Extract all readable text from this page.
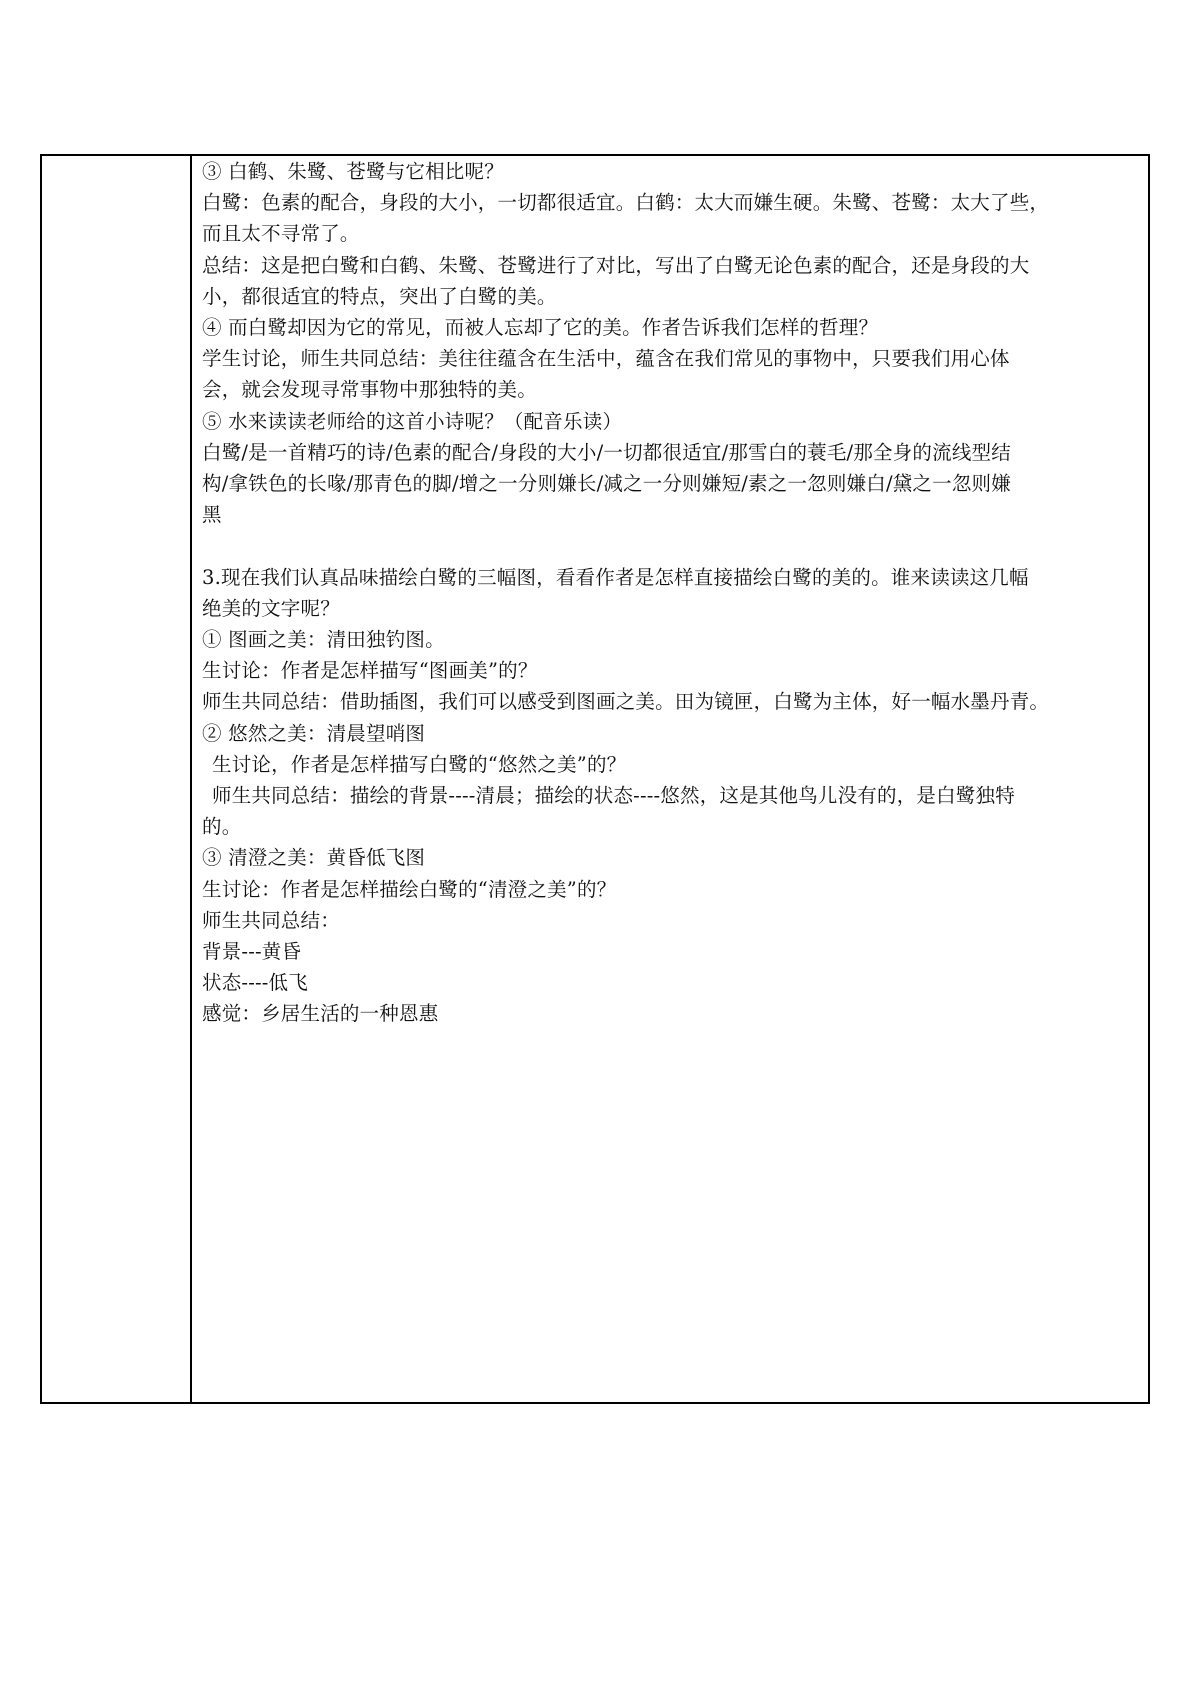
③ 白鹤、朱鹭、苍鹭与它相比呢？

白鹭：色素的配合，身段的大小，一切都很适宜。白鹤：太大而嫌生硬。朱鹭、苍鹭：太大了些，

而且太不寻常了。

总结：这是把白鹭和白鹤、朱鹭、苍鹭进行了对比，写出了白鹭无论色素的配合，还是身段的大

小，都很适宜的特点，突出了白鹭的美。

④ 而白鹭却因为它的常见，而被人忘却了它的美。作者告诉我们怎样的哲理？

学生讨论，师生共同总结：美往往蕴含在生活中，蕴含在我们常见的事物中，只要我们用心体

会，就会发现寻常事物中那独特的美。

⑤ 水来读读老师给的这首小诗呢？（配音乐读）

白鹭/是一首精巧的诗/色素的配合/身段的大小/一切都很适宜/那雪白的蓑毛/那全身的流线型结

构/拿铁色的长喙/那青色的脚/增之一分则嫌长/减之一分则嫌短/素之一忽则嫌白/黛之一忽则嫌

黑

3.现在我们认真品味描绘白鹭的三幅图，看看作者是怎样直接描绘白鹭的美的。谁来读读这几幅

绝美的文字呢？

① 图画之美：清田独钓图。

生讨论：作者是怎样描写“图画美”的？

师生共同总结：借助插图，我们可以感受到图画之美。田为镜匣，白鹭为主体，好一幅水墨丹青。

② 悠然之美：清晨望哨图

生讨论，作者是怎样描写白鹭的“悠然之美”的？

师生共同总结：描绘的背景----清晨；描绘的状态----悠然，这是其他鸟儿没有的，是白鹭独特

的。

③ 清澄之美：黄昏低飞图

生讨论：作者是怎样描绘白鹭的“清澄之美”的？

师生共同总结：

背景---黄昏

状态----低飞

感觉：乡居生活的一种恩惠
